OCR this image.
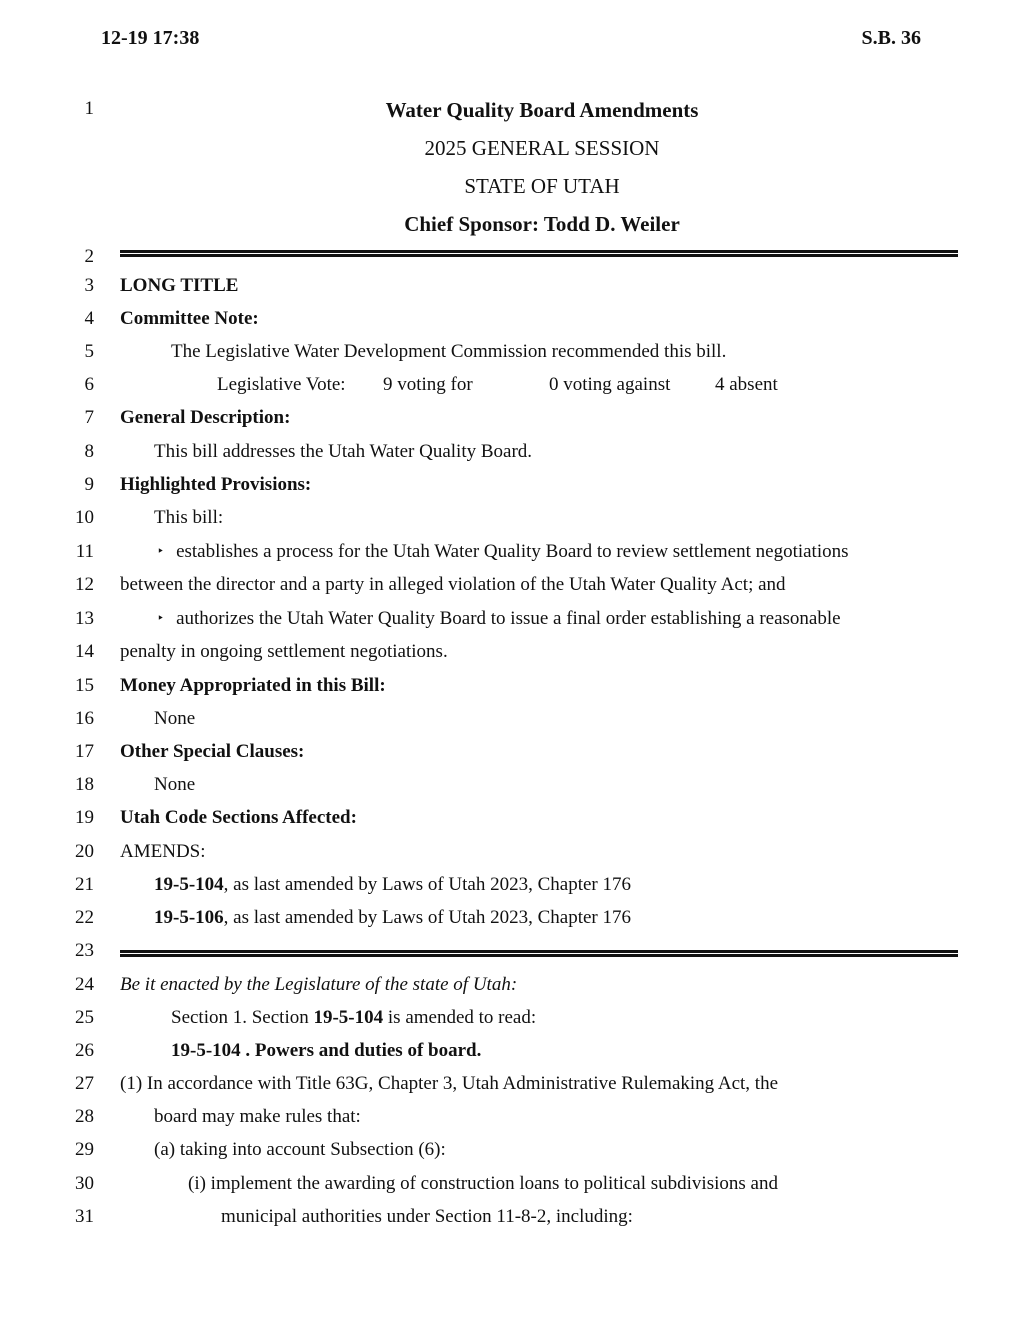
12-19 17:38	S.B. 36
1
2
3
4
5
6
7
8
9
10
11
12
13
14
15
16
17
18
19
20
21
22
23
24
25
26
27
28
29
30
31
Water Quality Board Amendments
2025 GENERAL SESSION
STATE OF UTAH
Chief Sponsor: Todd D. Weiler
LONG TITLE
Committee Note:
The Legislative Water Development Commission recommended this bill.
Legislative Vote: 9 voting for	0 voting against 4 absent
General Description:
This bill addresses the Utah Water Quality Board.
Highlighted Provisions:
This bill:
‣ establishes a process for the Utah Water Quality Board to review settlement negotiations
between the director and a party in alleged violation of the Utah Water Quality Act; and
‣ authorizes the Utah Water Quality Board to issue a final order establishing a reasonable
penalty in ongoing settlement negotiations.
Money Appropriated in this Bill:
None
Other Special Clauses:
None
Utah Code Sections Affected:
AMENDS:
19-5-104, as last amended by Laws of Utah 2023, Chapter 176
19-5-106, as last amended by Laws of Utah 2023, Chapter 176
Be it enacted by the Legislature of the state of Utah:
Section 1. Section 19-5-104 is amended to read:
19-5-104 . Powers and duties of board.
(1) In accordance with Title 63G, Chapter 3, Utah Administrative Rulemaking Act, the
board may make rules that:
(a) taking into account Subsection (6):
(i) implement the awarding of construction loans to political subdivisions and
municipal authorities under Section 11-8-2, including:
